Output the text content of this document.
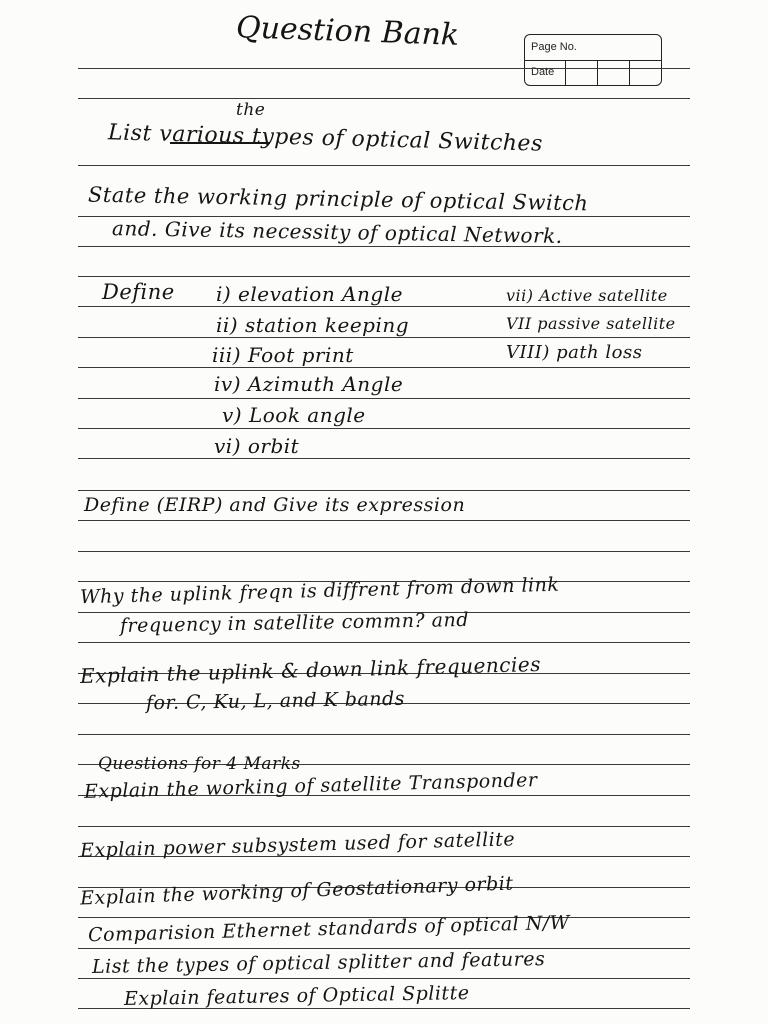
Question Bank	Page No.
Date
the
List various types of optical Switches
State the working principle of optical Switch
and. Give its necessity of optical Network.
Define i) elevation Angle
ii) station keeping
iii) Foot print
iv) Azimuth Angle
v) Look angle
vi) orbit
vii) Active satellite
VII passive satellite
VIII) path loss
Define (EIRP) and Give its expression
Why the uplink freqn is diffrent from down link
frequency in satellite commn? and
Explain the uplink & down link frequencies
for. C, Ku, L, and K bands
Questions for 4 Marks
Explain the working of satellite Transponder
Explain power subsystem used for satellite
Explain the working of Geostationary orbit
Comparision Ethernet standards of optical N/W
List the types of optical splitter and features
Explain features of Optical Splitte
